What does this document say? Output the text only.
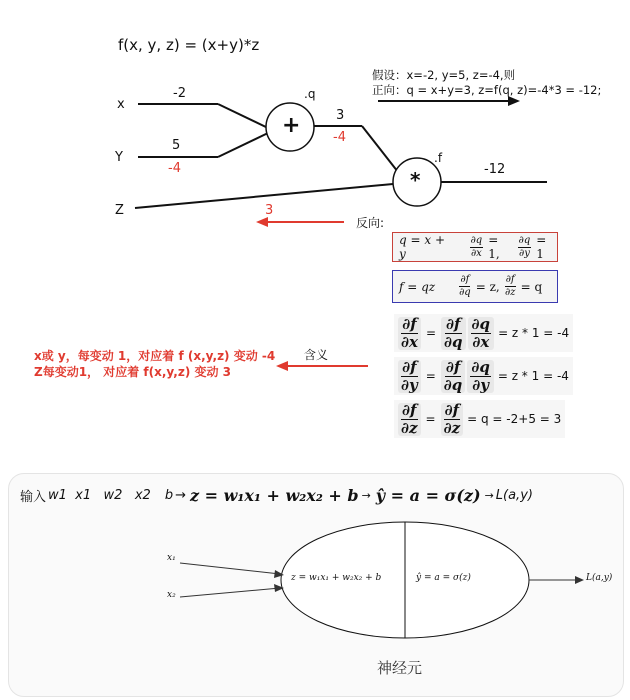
f(x, y, z) = (x+y)*z
x
Y
Z
-2
5
-4
+
.q
3
-4
*
.f
-12
3
假设：x=-2, y=5, z=-4,则
正向：q = x+y=3, z=f(q, z)=-4*3 = -12;
反向:
含义
x或 y，每变动 1，对应着 f (x,y,z) 变动 -4
Z每变动1， 对应着 f(x,y,z) 变动 3
q = x + y	$\frac{\partial q}{\partial x} = 1$,	$\frac{\partial q}{\partial y} = 1$
f = qz $\frac{\partial f}{\partial q} = z$, $\frac{\partial f}{\partial z} = q$
$\frac{\partial f}{\partial x} = \frac{\partial f}{\partial q} \frac{\partial q}{\partial x} = z * 1 = -4$
$\frac{\partial f}{\partial y} = \frac{\partial f}{\partial q} \frac{\partial q}{\partial y} = z * 1 = -4$
$\frac{\partial f}{\partial z} = \frac{\partial f}{\partial z} = q = -2+5 = 3$
输入 w1  x1   w2   x2 b → z = w₁x₁ + w₂x₂ + b → ŷ = a = σ(z) → L(a,y)
x₁
x₂
z = w₁x₁ + w₂x₂ + b	ŷ = a = σ(z)	L(a,y)
神经元
